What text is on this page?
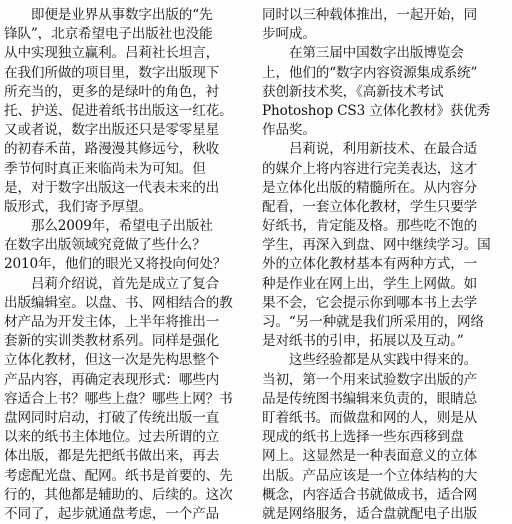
　　即便是业界从事数字出版的“先
锋队”，北京希望电子出版社也没能
从中实现独立赢利。吕莉社长坦言，
在我们所做的项目里，数字出版现下
所充当的，更多的是绿叶的角色，衬
托、护送、促进着纸书出版这一红花。
又或者说，数字出版还只是零零星星
的初春禾苗，路漫漫其修远兮，秋收
季节何时真正来临尚未为可知。但
是，对于数字出版这一代表未来的出
版形式，我们寄予厚望。
　　那么2009年，希望电子出版社
在数字出版领域究竟做了些什么？
2010年，他们的眼光又将投向何处？
　　吕莉介绍说，首先是成立了复合
出版编辑室。以盘、书、网相结合的教
材产品为开发主体，上半年将推出一
套新的实训类教材系列。同样是强化
立体化教材，但这一次是先构思整个
产品内容，再确定表现形式：哪些内
容适合上书？哪些上盘？哪些上网？书
盘网同时启动，打破了传统出版一直
以来的纸书主体地位。过去所谓的立
体出版，都是先把纸书做出来，再去
考虑配光盘、配网。纸书是首要的、先
行的，其他都是辅助的、后续的。这次
不同了，起步就通盘考虑，一个产品
同时以三种载体推出，一起开始，同
步呵成。
　　在第三届中国数字出版博览会
上，他们的“数字内容资源集成系统”
获创新技术奖，《高新技术考试
Photoshop CS3 立体化教材》获优秀
作品奖。
　　吕莉说，利用新技术、在最合适
的媒介上将内容进行完美表达，这才
是立体化出版的精髓所在。从内容分
配看，一套立体化教材，学生只要学
好纸书，肯定能及格。那些吃不饱的
学生，再深入到盘、网中继续学习。国
外的立体化教材基本有两种方式，一
种是作业在网上出，学生上网做。如
果不会，它会提示你到哪本书上去学
习。“另一种就是我们所采用的，网络
是对纸书的引申，拓展以及互动。”
　　这些经验都是从实践中得来的。
当初，第一个用来试验数字出版的产
品是传统图书编辑来负责的，眼睛总
盯着纸书。而做盘和网的人，则是从
现成的纸书上选择一些东西移到盘
网上。这显然是一种表面意义的立体
出版。产品应该是一个立体结构的大
概念，内容适合书就做成书，适合网
就是网络服务，适合盘就配电子出版
